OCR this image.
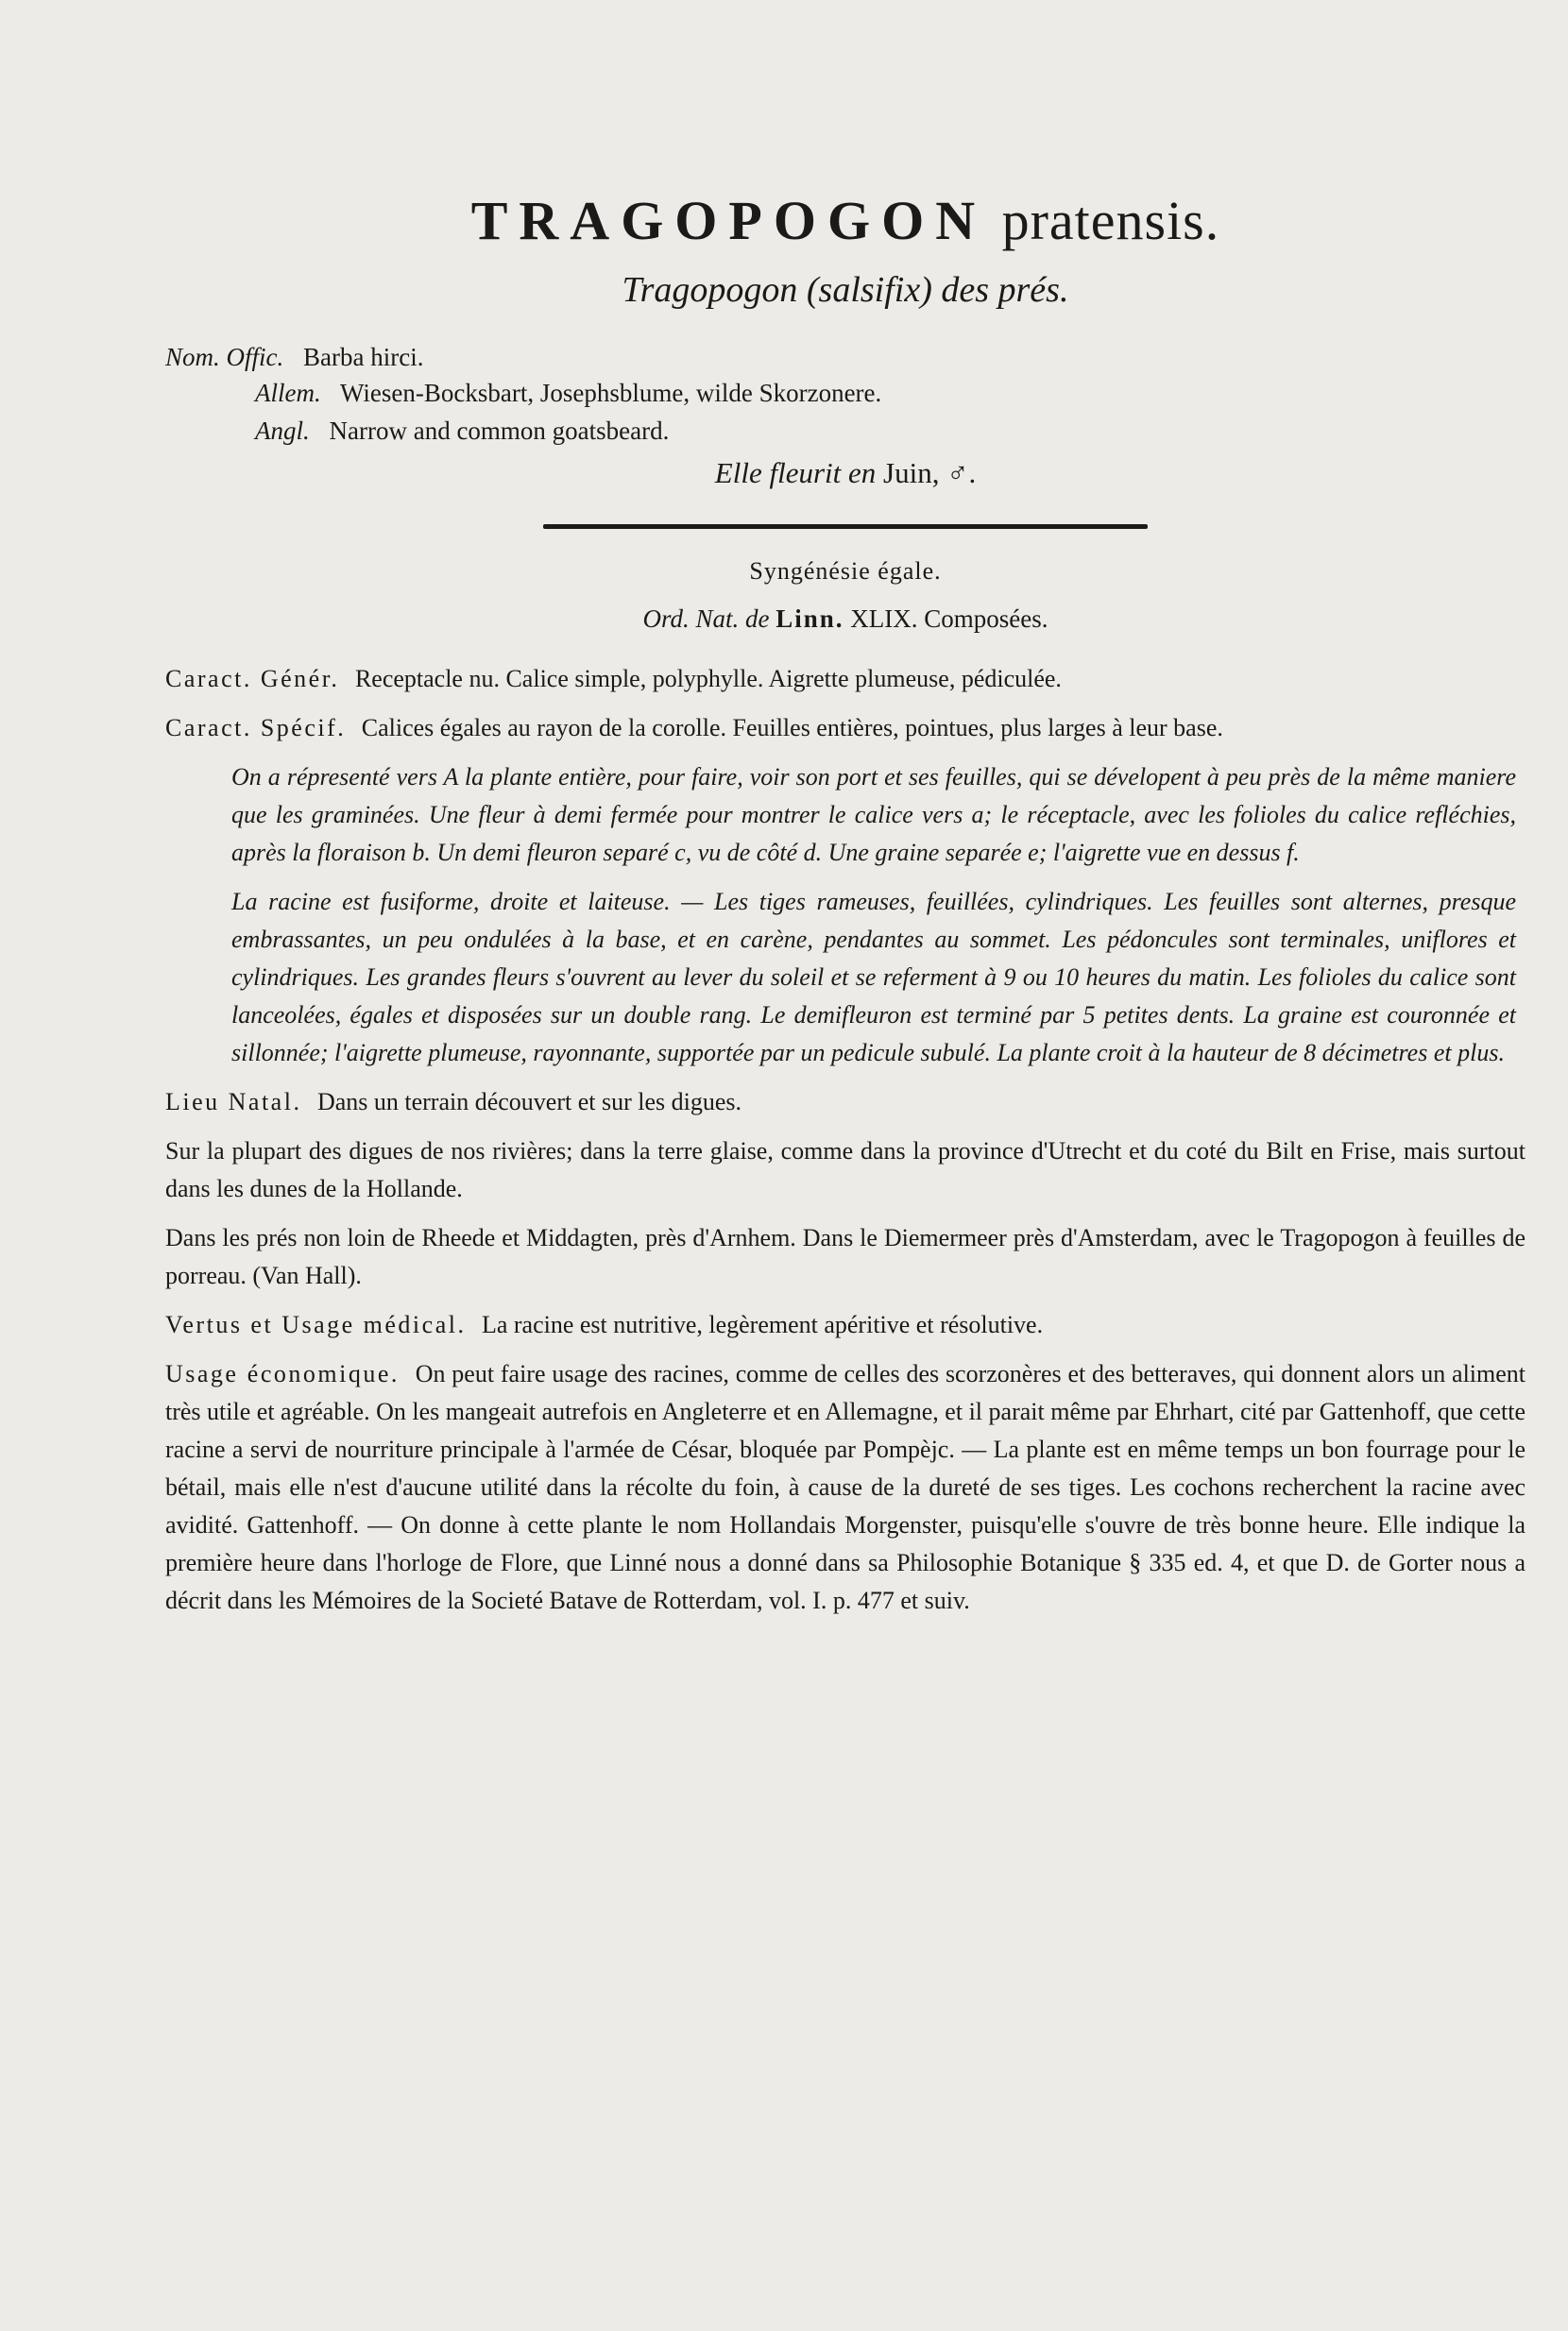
TRAGOPOGON pratensis.
Tragopogon (salsifix) des prés.
Nom. Offic. Barba hirci.
Allem. Wiesen-Bocksbart, Josephsblume, wilde Skorzonere.
Angl. Narrow and common goatsbeard.
Elle fleurit en Juin, ♂.
Syngénésie égale.
Ord. Nat. de Linn. XLIX. Composées.

Caract. Génér. Receptacle nu. Calice simple, polyphylle. Aigrette plumeuse, pédiculée.

Caract. Spécif. Calices égales au rayon de la corolle. Feuilles entières, pointues, plus larges à leur base.

On a répresenté vers A la plante entière, pour faire, voir son port et ses feuilles, qui se dévelopent à peu près de la même maniere que les graminées. Une fleur à demi fermée pour montrer le calice vers a; le réceptacle, avec les folioles du calice refléchies, après la floraison b. Un demi fleuron separé c, vu de côté d. Une graine separée e; l'aigrette vue en dessus f.

La racine est fusiforme, droite et laiteuse. — Les tiges rameuses, feuillées, cylindriques. Les feuilles sont alternes, presque embrassantes, un peu ondulées à la base, et en carène, pendantes au sommet. Les pédoncules sont terminales, uniflores et cylindriques. Les grandes fleurs s'ouvrent au lever du soleil et se referment à 9 ou 10 heures du matin. Les folioles du calice sont lanceolées, égales et disposées sur un double rang. Le demifleuron est terminé par 5 petites dents. La graine est couronnée et sillonnée; l'aigrette plumeuse, rayonnante, supportée par un pedicule subulé. La plante croit à la hauteur de 8 décimetres et plus.

Lieu Natal. Dans un terrain découvert et sur les digues.

Sur la plupart des digues de nos rivières; dans la terre glaise, comme dans la province d'Utrecht et du coté du Bilt en Frise, mais surtout dans les dunes de la Hollande.

Dans les prés non loin de Rheede et Middagten, près d'Arnhem. Dans le Diemermeer près d'Amsterdam, avec le Tragopogon à feuilles de porreau. (Van Hall).

Vertus et Usage médical. La racine est nutritive, legèrement apéritive et résolutive.

Usage économique. On peut faire usage des racines, comme de celles des scorzonères et des betteraves, qui donnent alors un aliment très utile et agréable. On les mangeait autrefois en Angleterre et en Allemagne, et il parait même par Ehrhart, cité par Gattenhoff, que cette racine a servi de nourriture principale à l'armée de César, bloquée par Pompèjc. — La plante est en même temps un bon fourrage pour le bétail, mais elle n'est d'aucune utilité dans la récolte du foin, à cause de la dureté de ses tiges. Les cochons recherchent la racine avec avidité. Gattenhoff. — On donne à cette plante le nom Hollandais Morgenster, puisqu'elle s'ouvre de très bonne heure. Elle indique la première heure dans l'horloge de Flore, que Linné nous a donné dans sa Philosophie Botanique § 335 ed. 4, et que D. de Gorter nous a décrit dans les Mémoires de la Societé Batave de Rotterdam, vol. I. p. 477 et suiv.
